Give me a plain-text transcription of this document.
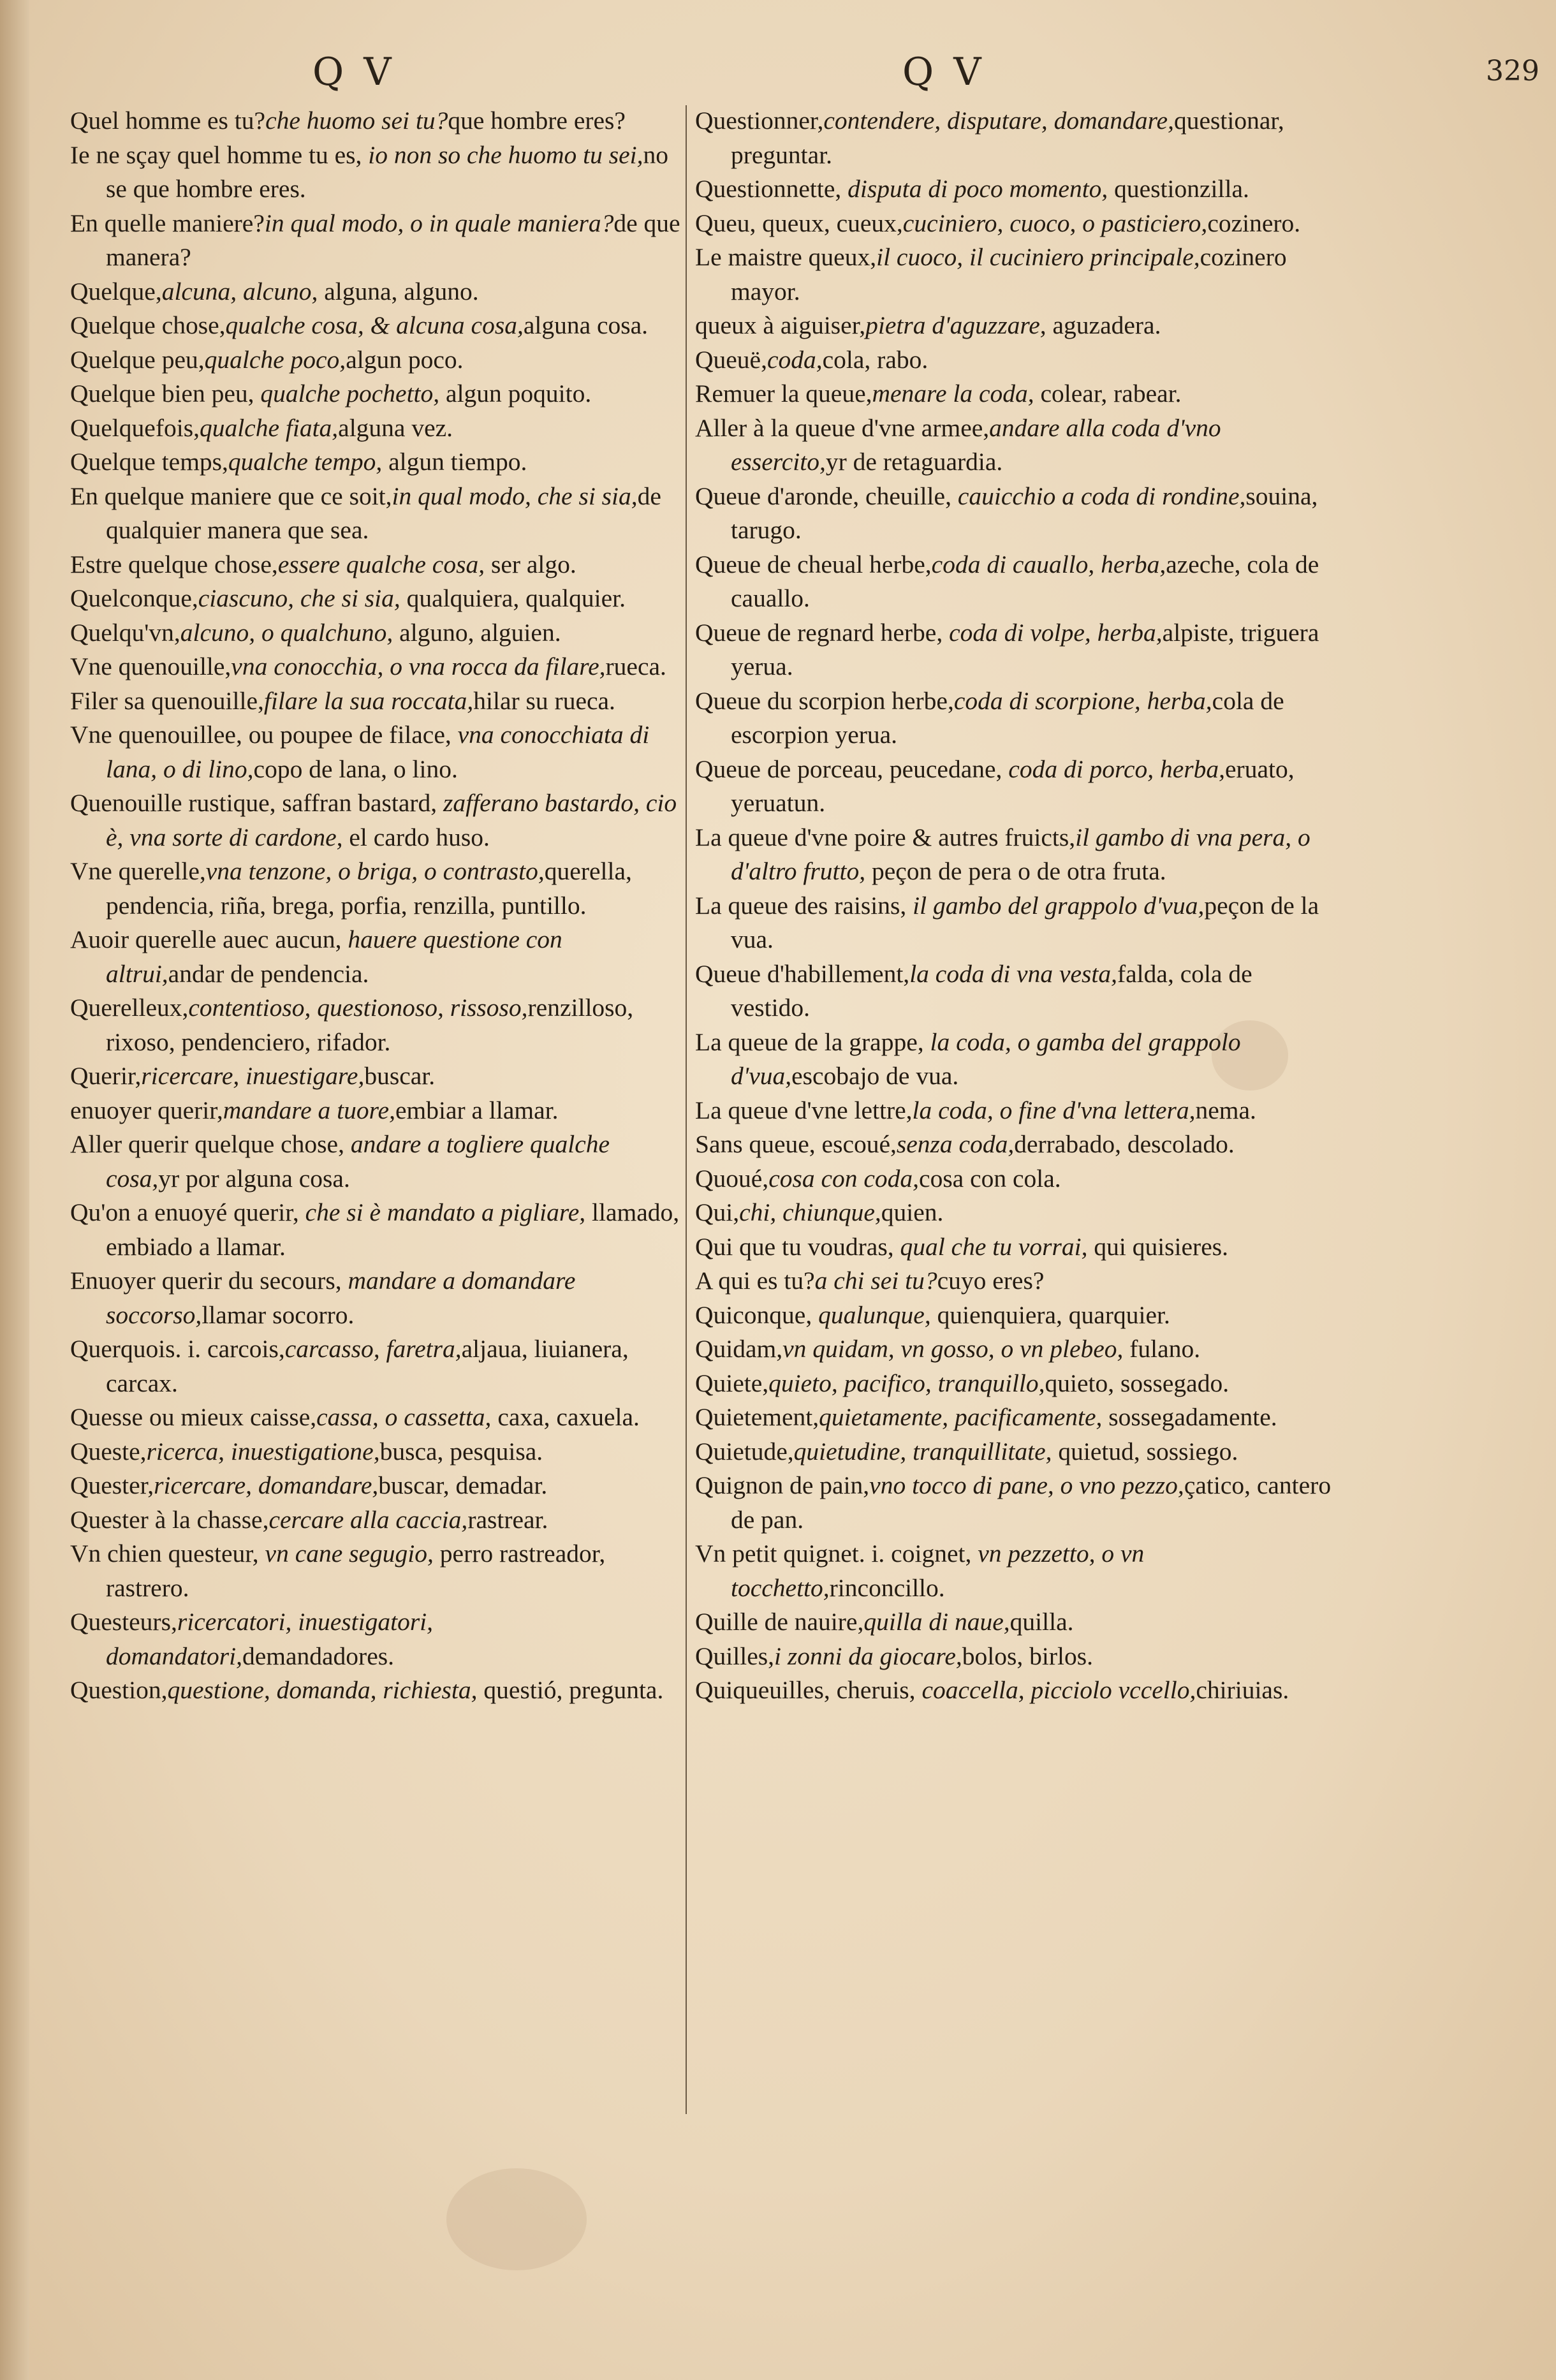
Q V	Q V	329

Quel homme es tu?che huomo sei tu?que hombre eres?

Ie ne sçay quel homme tu es, io non so che huomo tu sei,no se que hombre eres.

En quelle maniere?in qual modo, o in quale maniera?de que manera?

Quelque,alcuna, alcuno, alguna, alguno.

Quelque chose,qualche cosa, & alcuna cosa,alguna cosa.

Quelque peu,qualche poco,algun poco.

Quelque bien peu, qualche pochetto, algun poquito.

Quelquefois,qualche fiata,alguna vez.

Quelque temps,qualche tempo, algun tiempo.

En quelque maniere que ce soit,in qual modo, che si sia,de qualquier manera que sea.

Estre quelque chose,essere qualche cosa, ser algo.

Quelconque,ciascuno, che si sia, qualquiera, qualquier.

Quelqu'vn,alcuno, o qualchuno, alguno, alguien.

Vne quenouille,vna conocchia, o vna rocca da filare,rueca.

Filer sa quenouille,filare la sua roccata,hilar su rueca.

Vne quenouillee, ou poupee de filace, vna conocchiata di lana, o di lino,copo de lana, o lino.

Quenouille rustique, saffran bastard, zafferano bastardo, cio è, vna sorte di cardone, el cardo huso.

Vne querelle,vna tenzone, o briga, o contrasto,querella, pendencia, riña, brega, porfia, renzilla, puntillo.

Auoir querelle auec aucun, hauere questione con altrui,andar de pendencia.

Querelleux,contentioso, questionoso, rissoso,renzilloso, rixoso, pendenciero, rifador.

Querir,ricercare, inuestigare,buscar.

enuoyer querir,mandare a tuore,embiar a llamar.

Aller querir quelque chose, andare a togliere qualche cosa,yr por alguna cosa.

Qu'on a enuoyé querir, che si è mandato a pigliare, llamado, embiado a llamar.

Enuoyer querir du secours, mandare a domandare soccorso,llamar socorro.

Querquois. i. carcois,carcasso, faretra,aljaua, liuianera, carcax.

Quesse ou mieux caisse,cassa, o cassetta, caxa, caxuela.

Queste,ricerca, inuestigatione,busca, pesquisa.

Quester,ricercare, domandare,buscar, demadar.

Quester à la chasse,cercare alla caccia,rastrear.

Vn chien questeur, vn cane segugio, perro rastreador, rastrero.

Questeurs,ricercatori, inuestigatori, domandatori,demandadores.

Question,questione, domanda, richiesta, questió, pregunta.

Questionner,contendere, disputare, domandare,questionar, preguntar.

Questionnette, disputa di poco momento, questionzilla.

Queu, queux, cueux,cuciniero, cuoco, o pasticiero,cozinero.

Le maistre queux,il cuoco, il cuciniero principale,cozinero mayor.

queux à aiguiser,pietra d'aguzzare, aguzadera.

Queuë,coda,cola, rabo.

Remuer la queue,menare la coda, colear, rabear.

Aller à la queue d'vne armee,andare alla coda d'vno essercito,yr de retaguardia.

Queue d'aronde, cheuille, cauicchio a coda di rondine,souina, tarugo.

Queue de cheual herbe,coda di cauallo, herba,azeche, cola de cauallo.

Queue de regnard herbe, coda di volpe, herba,alpiste, triguera yerua.

Queue du scorpion herbe,coda di scorpione, herba,cola de escorpion yerua.

Queue de porceau, peucedane, coda di porco, herba,eruato, yeruatun.

La queue d'vne poire & autres fruicts,il gambo di vna pera, o d'altro frutto, peçon de pera o de otra fruta.

La queue des raisins, il gambo del grappolo d'vua,peçon de la vua.

Queue d'habillement,la coda di vna vesta,falda, cola de vestido.

La queue de la grappe, la coda, o gamba del grappolo d'vua,escobajo de vua.

La queue d'vne lettre,la coda, o fine d'vna lettera,nema.

Sans queue, escoué,senza coda,derrabado, descolado.

Quoué,cosa con coda,cosa con cola.

Qui,chi, chiunque,quien.

Qui que tu voudras, qual che tu vorrai, qui quisieres.

A qui es tu?a chi sei tu?cuyo eres?

Quiconque, qualunque, quienquiera, quarquier.

Quidam,vn quidam, vn gosso, o vn plebeo, fulano.

Quiete,quieto, pacifico, tranquillo,quieto, sossegado.

Quietement,quietamente, pacificamente, sossegadamente.

Quietude,quietudine, tranquillitate, quietud, sossiego.

Quignon de pain,vno tocco di pane, o vno pezzo,çatico, cantero de pan.

Vn petit quignet. i. coignet, vn pezzetto, o vn tocchetto,rinconcillo.

Quille de nauire,quilla di naue,quilla.

Quilles,i zonni da giocare,bolos, birlos.

Quiqueuilles, cheruis, coaccella, picciolo vccello,chiriuias.
